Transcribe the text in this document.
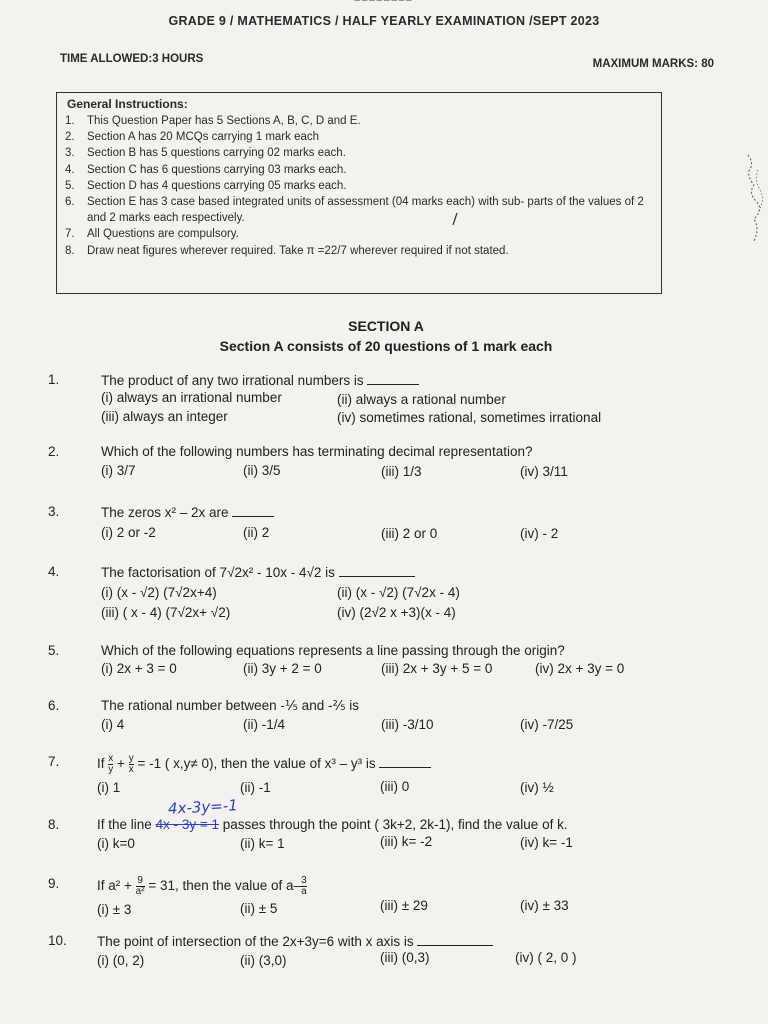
▔▔▔▔▔▔▔▔
GRADE 9 / MATHEMATICS / HALF YEARLY EXAMINATION /SEPT 2023
TIME ALLOWED:3 HOURS	MAXIMUM MARKS: 80
General Instructions:
1.	This Question Paper has 5 Sections A, B, C, D and E.
2.	Section A has 20 MCQs carrying 1 mark each
3.	Section B has 5 questions carrying 02 marks each.
4.	Section C has 6 questions carrying 03 marks each.
5.	Section D has 4 questions carrying 05 marks each.
6.	Section E has 3 case based integrated units of assessment (04 marks each) with sub- parts of the values of 2 and 2 marks each respectively.
7.	All Questions are compulsory.
8.	Draw neat figures wherever required. Take π =22/7 wherever required if not stated.
SECTION A
Section A consists of 20 questions of 1 mark each
1.	The product of any two irrational numbers is
(i) always an irrational number	(ii) always a rational number
(iii) always an integer	(iv) sometimes rational, sometimes irrational
2.	Which of the following numbers has terminating decimal representation?
(i) 3/7	(ii) 3/5	(iii) 1/3	(iv) 3/11
3.	The zeros x² – 2x are
(i) 2 or -2	(ii) 2	(iii) 2 or 0	(iv) - 2
4.	The factorisation of 7√2x² - 10x - 4√2 is
(i) (x - √2) (7√2x+4)	(ii) (x - √2) (7√2x - 4)
(iii) ( x - 4) (7√2x+ √2)	(iv) (2√2 x +3)(x - 4)
5.	Which of the following equations represents a line passing through the origin?
(i) 2x + 3 = 0	(ii) 3y + 2 = 0	(iii) 2x + 3y + 5 = 0	(iv) 2x + 3y = 0
6.	The rational number between -⅕ and -⅖ is
(i) 4	(ii) -1/4	(iii) -3/10	(iv) -7/25
7.	If $\frac{x}{y} + \frac{y}{x} = -1$ ( x,y≠ 0), then the value of x³ – y³ is
(i) 1	(ii) -1	(iii) 0	(iv) ½
4x-3y=-1
8.	If the line 4x - 3y = 1 passes through the point ( 3k+2, 2k-1), find the value of k.
(i) k=0	(ii) k= 1	(iii) k= -2	(iv) k= -1
9.	If $a^2 + \frac{9}{\text{a²}} = 31$, then the value of $a- \frac{3}{a}$
(i) ± 3	(ii) ± 5	(iii) ± 29	(iv) ± 33
10. The point of intersection of the 2x+3y=6 with x axis is
(i) (0, 2)	(ii) (3,0)	(iii) (0,3)	(iv) ( 2, 0 )
